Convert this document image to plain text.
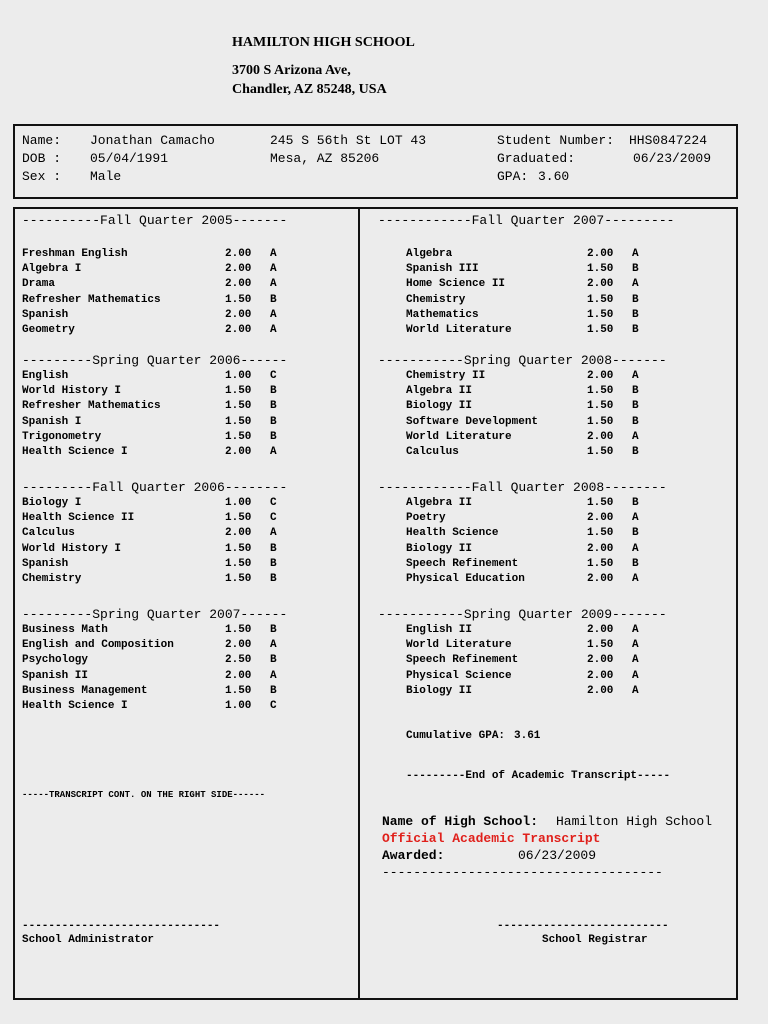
HAMILTON HIGH SCHOOL
3700 S Arizona Ave,
Chandler, AZ 85248, USA
Name: Jonathan Camacho
DOB : 05/04/1991
Sex : Male
245 S 56th St LOT 43
Mesa, AZ 85206
Student Number: HHS0847224
Graduated:	06/23/2009
GPA: 3.60
----------Fall Quarter 2005-------
Freshman English	2.00 A
Algebra I	2.00 A
Drama	2.00 A
Refresher Mathematics	1.50 B
Spanish	2.00 A
Geometry	2.00 A
---------Spring Quarter 2006------
English	1.00 C
World History I	1.50 B
Refresher Mathematics	1.50 B
Spanish I	1.50 B
Trigonometry	1.50 B
Health Science I	2.00 A
---------Fall Quarter 2006--------
Biology I	1.00 C
Health Science II	1.50 C
Calculus	2.00 A
World History I	1.50 B
Spanish	1.50 B
Chemistry	1.50 B
---------Spring Quarter 2007------
Business Math	1.50 B
English and Composition	2.00 A
Psychology	2.50 B
Spanish II	2.00 A
Business Management	1.50 B
Health Science I	1.00 C
------------Fall Quarter 2007---------
Algebra	2.00 A
Spanish III	1.50 B
Home Science II	2.00 A
Chemistry	1.50 B
Mathematics	1.50 B
World Literature	1.50 B
-----------Spring Quarter 2008-------
Chemistry II	2.00 A
Algebra II	1.50 B
Biology II	1.50 B
Software Development	1.50 B
World Literature	2.00 A
Calculus	1.50 B
------------Fall Quarter 2008--------
Algebra II	1.50 B
Poetry	2.00 A
Health Science	1.50 B
Biology II	2.00 A
Speech Refinement	1.50 B
Physical Education	2.00 A
-----------Spring Quarter 2009-------
English II	2.00 A
World Literature	1.50 A
Speech Refinement	2.00 A
Physical Science	2.00 A
Biology II	2.00 A
Cumulative GPA: 3.61
---------End of Academic Transcript-----
Name of High School: Hamilton High School
Official Academic Transcript
Awarded:	06/23/2009
------------------------------------
-----TRANSCRIPT CONT. ON THE RIGHT SIDE------
------------------------------
School Administrator
--------------------------
School Registrar
